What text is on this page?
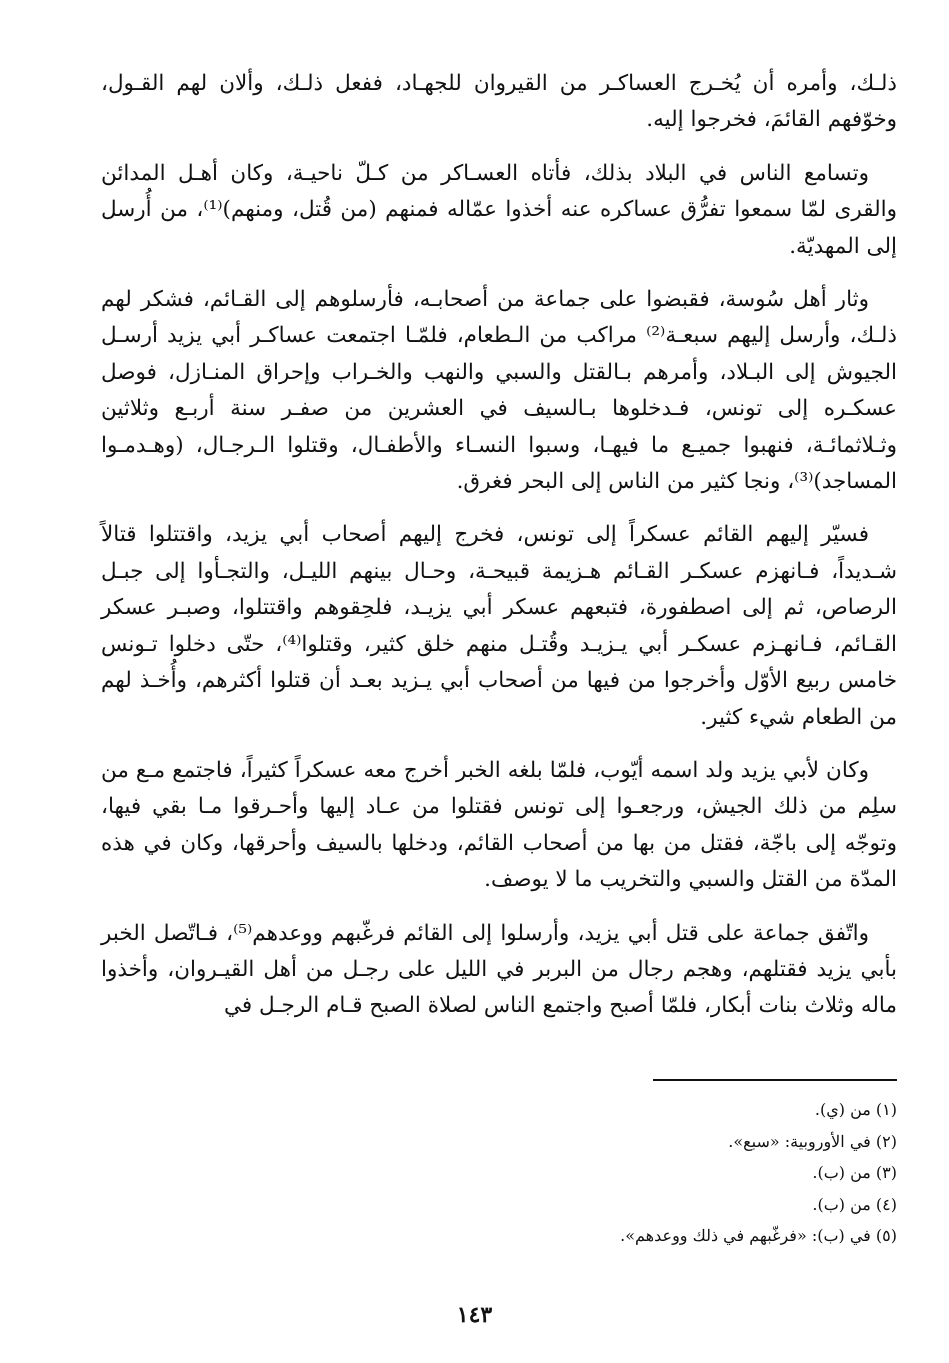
ذلـك، وأمره أن يُخـرج العساكـر من القيروان للجهـاد، ففعل ذلـك، وألان لهم القـول، وخوّفهم القائمَ، فخرجوا إليه.

وتسامع الناس في البلاد بذلك، فأتاه العسـاكر من كـلّ ناحيـة، وكان أهـل المدائن والقرى لمّا سمعوا تفرُّق عساكره عنه أخذوا عمّاله فمنهم (من قُتل، ومنهم)⁽¹⁾، من أُرسل إلى المهديّة.

وثار أهل سُوسة، فقبضوا على جماعة من أصحابـه، فأرسلوهم إلى القـائم، فشكر لهم ذلـك، وأرسل إليهم سبعـة⁽²⁾ مراكب من الـطعام، فلمّـا اجتمعت عساكـر أبي يزيد أرسـل الجيوش إلى البـلاد، وأمرهم بـالقتل والسبي والنهب والخـراب وإحراق المنـازل، فوصل عسكـره إلى تونس، فـدخلوها بـالسيف في العشرين من صفـر سنة أربـع وثلاثين وثـلاثمائـة، فنهبوا جميـع ما فيهـا، وسبوا النسـاء والأطفـال، وقتلوا الـرجـال، (وهـدمـوا المساجد)⁽³⁾، ونجا كثير من الناس إلى البحر فغرق.

فسيّر إليهم القائم عسكراً إلى تونس، فخرج إليهم أصحاب أبي يزيد، واقتتلوا قتالاً شـديداً، فـانهزم عسكـر القـائم هـزيمة قبيحـة، وحـال بينهم الليـل، والتجـأوا إلى جبـل الرصاص، ثم إلى اصطفورة، فتبعهم عسكر أبي يزيـد، فلحِقوهم واقتتلوا، وصبـر عسكر القـائم، فـانهـزم عسكـر أبي يـزيـد وقُتـل منهم خلق كثير، وقتلوا⁽⁴⁾، حتّى دخلوا تـونس خامس ربيع الأوّل وأخرجوا من فيها من أصحاب أبي يـزيد بعـد أن قتلوا أكثرهم، وأُخـذ لهم من الطعام شيء كثير.

وكان لأبي يزيد ولد اسمه أيّوب، فلمّا بلغه الخبر أخرج معه عسكراً كثيراً، فاجتمع مـع من سلِم من ذلك الجيش، ورجعـوا إلى تونس فقتلوا من عـاد إليها وأحـرقوا مـا بقي فيها، وتوجّه إلى باجّة، فقتل من بها من أصحاب القائم، ودخلها بالسيف وأحرقها، وكان في هذه المدّة من القتل والسبي والتخريب ما لا يوصف.

واتّفق جماعة على قتل أبي يزيد، وأرسلوا إلى القائم فرغّبهم ووعدهم⁽⁵⁾، فـاتّصل الخبر بأبي يزيد فقتلهم، وهجم رجال من البربر في الليل على رجـل من أهل القيـروان، وأخذوا ماله وثلاث بنات أبكار، فلمّا أصبح واجتمع الناس لصلاة الصبح قـام الرجـل في

(١) من (ي).
(٢) في الأوروبية: «سبع».
(٣) من (ب).
(٤) من (ب).
(٥) في (ب): «فرغّبهم في ذلك ووعدهم».
١٤٣
